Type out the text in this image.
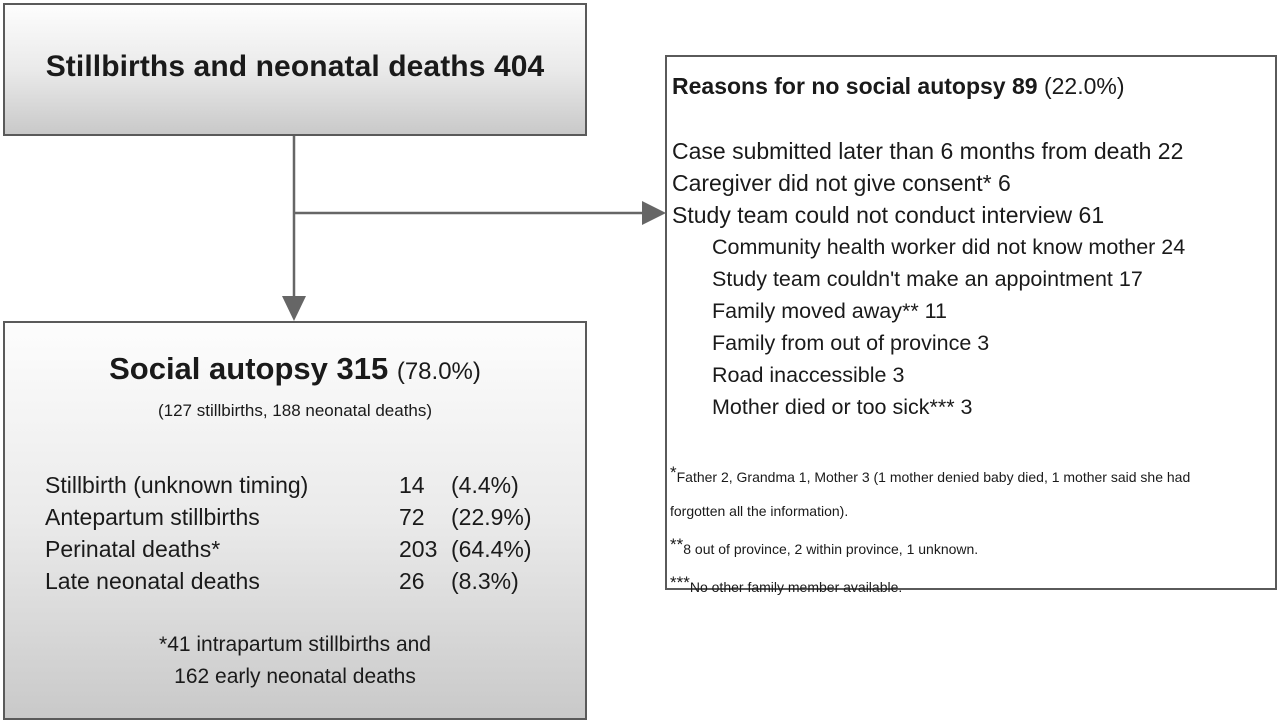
Stillbirths and neonatal deaths 404
Social autopsy 315 (78.0%)
(127 stillbirths, 188 neonatal deaths)
Stillbirth (unknown timing)	14	(4.4%)
Antepartum stillbirths	72	(22.9%)
Perinatal deaths*	203 (64.4%)
Late neonatal deaths	26	(8.3%)
*41 intrapartum stillbirths and
162 early neonatal deaths
Reasons for no social autopsy 89 (22.0%)
Case submitted later than 6 months from death 22
Caregiver did not give consent* 6
Study team could not conduct interview 61
Community health worker did not know mother 24
Study team couldn't make an appointment 17
Family moved away** 11
Family from out of province 3
Road inaccessible 3
Mother died or too sick*** 3
*Father 2, Grandma 1, Mother 3 (1 mother denied baby died, 1 mother said she had
forgotten all the information).
**8 out of province, 2 within province, 1 unknown.
***No other family member available.
